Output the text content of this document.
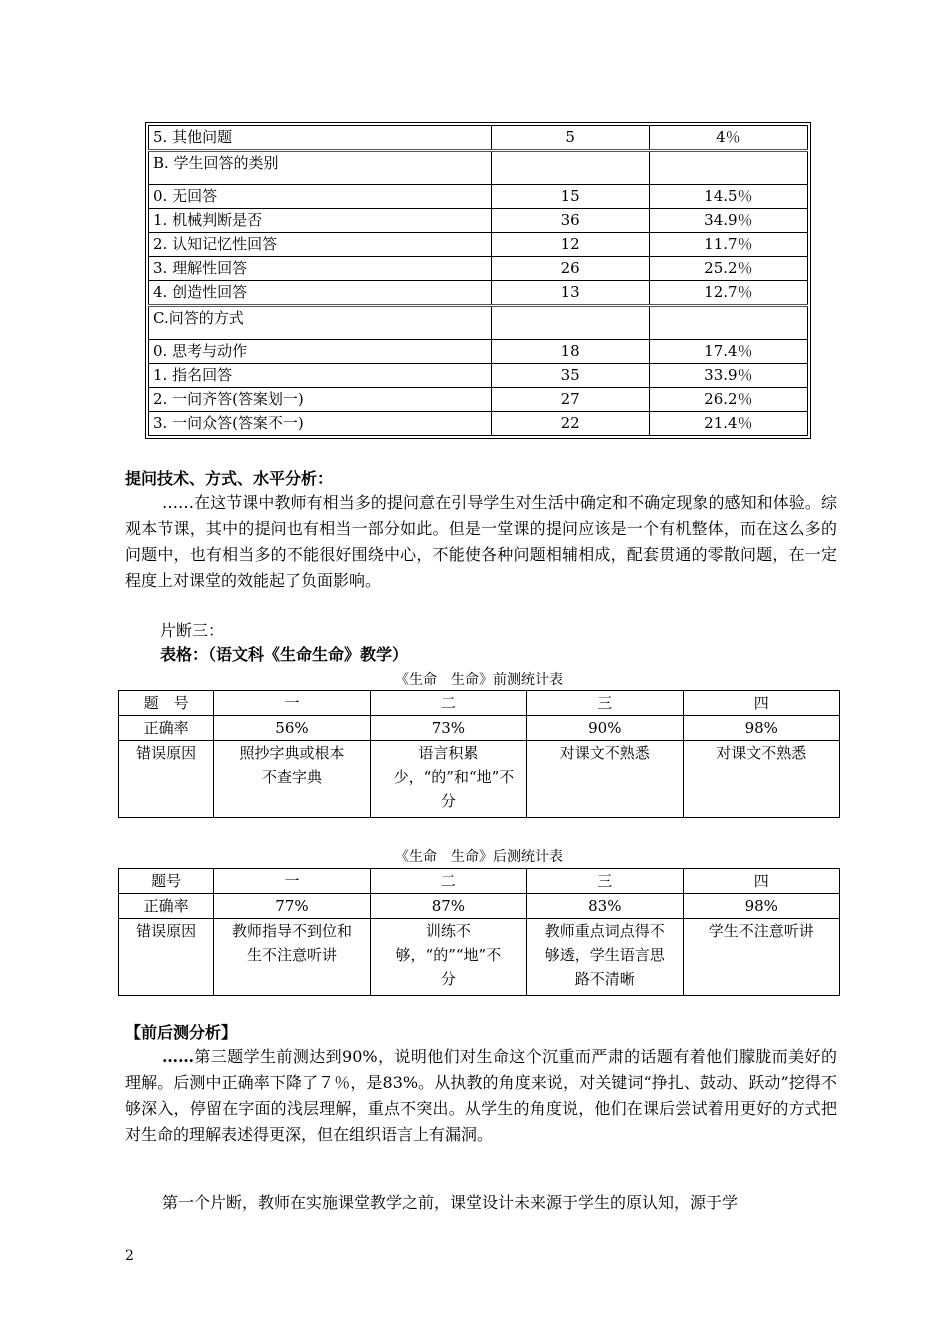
5. 其他问题	5	4％
B. 学生回答的类别		
0. 无回答	15	14.5％
1. 机械判断是否	36	34.9％
2. 认知记忆性回答	12	11.7％
3. 理解性回答	26	25.2％
4. 创造性回答	13	12.7％
C.问答的方式		
0. 思考与动作	18	17.4％
1. 指名回答	35	33.9％
2. 一问齐答(答案划一)	27	26.2％
3. 一问众答(答案不一)	22	21.4％
提问技术、方式、水平分析：
……在这节课中教师有相当多的提问意在引导学生对生活中确定和不确定现象的感知和体验。综观本节课，其中的提问也有相当一部分如此。但是一堂课的提问应该是一个有机整体，而在这么多的问题中，也有相当多的不能很好围绕中心，不能使各种问题相辅相成，配套贯通的零散问题，在一定程度上对课堂的效能起了负面影响。
片断三：
表格：（语文科《生命生命》教学）
《生命　生命》前测统计表
题　号	一	二	三	四
正确率	56%	73%	90%	98%
错误原因	照抄字典或根本不查字典	语言积累少，“的”和“地”不分	对课文不熟悉	对课文不熟悉
《生命　生命》后测统计表
题号	一	二	三	四
正确率	77%	87%	83%	98%
错误原因	教师指导不到位和生不注意听讲	训练不够，“的”“地”不分	教师重点词点得不够透，学生语言思路不清晰	学生不注意听讲
【前后测分析】
……第三题学生前测达到90%，说明他们对生命这个沉重而严肃的话题有着他们朦胧而美好的理解。后测中正确率下降了７％，是83%。从执教的角度来说，对关键词“挣扎、鼓动、跃动”挖得不够深入，停留在字面的浅层理解，重点不突出。从学生的角度说，他们在课后尝试着用更好的方式把对生命的理解表述得更深，但在组织语言上有漏洞。
第一个片断，教师在实施课堂教学之前，课堂设计未来源于学生的原认知，源于学
2
